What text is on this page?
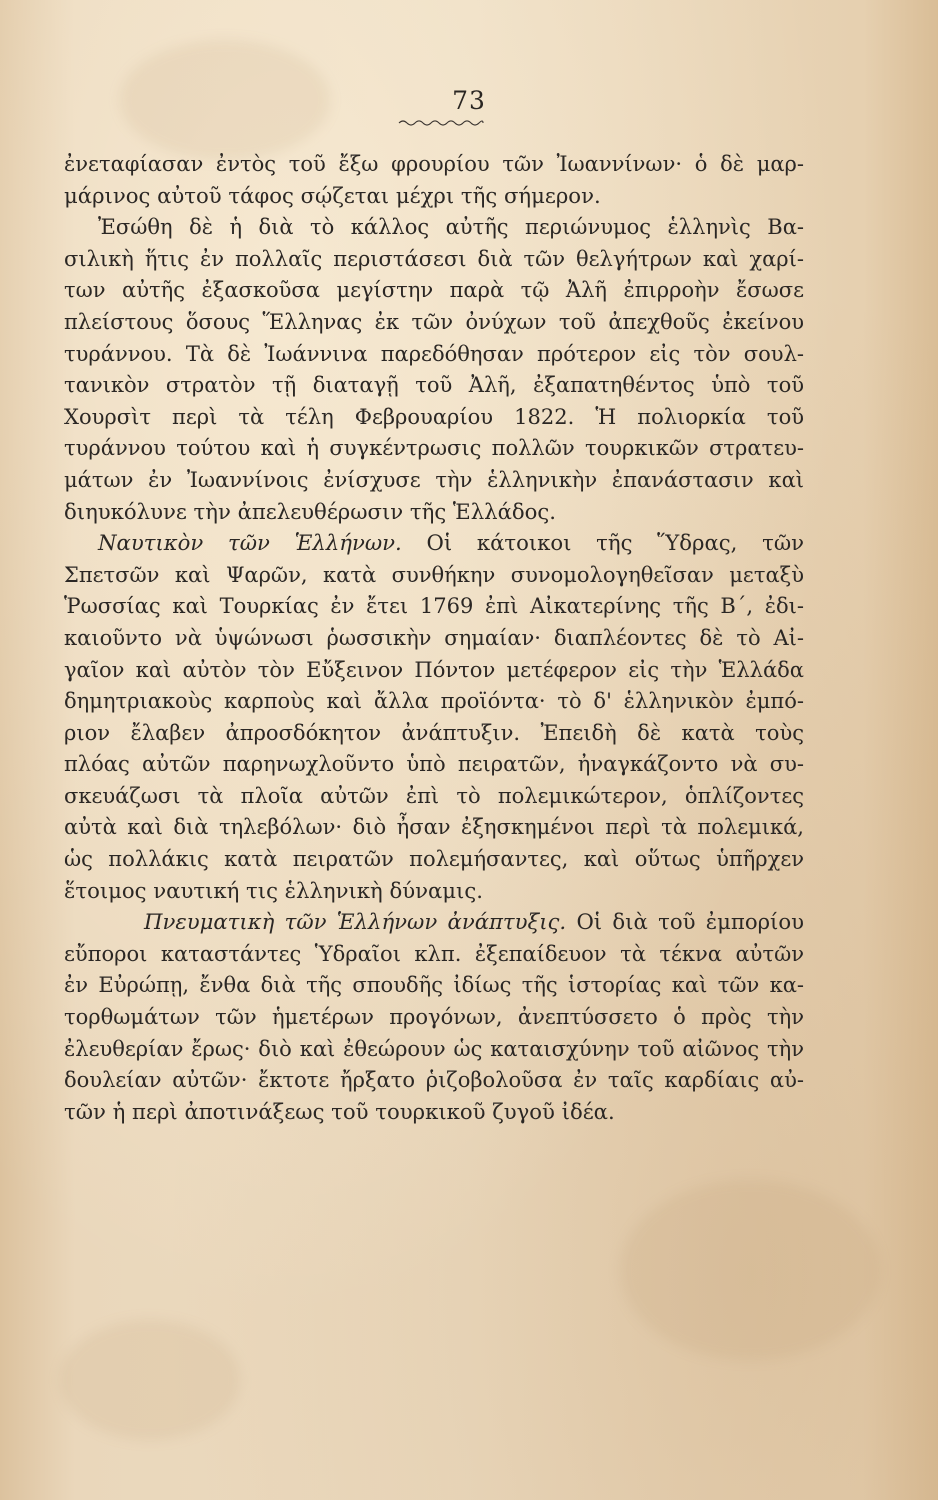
73
ἐνεταφίασαν ἐντὸς τοῦ ἔξω φρουρίου τῶν Ἰωαννίνων· ὁ δὲ μαρ-
μάρινος αὐτοῦ τάφος σῴζεται μέχρι τῆς σήμερον.
Ἐσώθη δὲ ἡ διὰ τὸ κάλλος αὐτῆς περιώνυμος ἑλληνὶς Βα-
σιλικὴ ἥτις ἐν πολλαῖς περιστάσεσι διὰ τῶν θελγήτρων καὶ χαρί-
των αὐτῆς ἐξασκοῦσα μεγίστην παρὰ τῷ Ἀλῆ ἐπιρροὴν ἔσωσε
πλείστους ὅσους Ἕλληνας ἐκ τῶν ὀνύχων τοῦ ἀπεχθοῦς ἐκείνου
τυράννου. Τὰ δὲ Ἰωάννινα παρεδόθησαν πρότερον εἰς τὸν σουλ-
τανικὸν στρατὸν τῇ διαταγῇ τοῦ Ἀλῆ, ἐξαπατηθέντος ὑπὸ τοῦ
Χουρσὶτ περὶ τὰ τέλη Φεβρουαρίου 1822. Ἡ πολιορκία τοῦ
τυράννου τούτου καὶ ἡ συγκέντρωσις πολλῶν τουρκικῶν στρατευ-
μάτων ἐν Ἰωαννίνοις ἐνίσχυσε τὴν ἑλληνικὴν ἐπανάστασιν καὶ
διηυκόλυνε τὴν ἀπελευθέρωσιν τῆς Ἑλλάδος.
Ναυτικὸν τῶν Ἑλλήνων. Οἱ κάτοικοι τῆς Ὕδρας, τῶν
Σπετσῶν καὶ Ψαρῶν, κατὰ συνθήκην συνομολογηθεῖσαν μεταξὺ
Ῥωσσίας καὶ Τουρκίας ἐν ἔτει 1769 ἐπὶ Αἰκατερίνης τῆς Β΄, ἐδι-
καιοῦντο νὰ ὑψώνωσι ῥωσσικὴν σημαίαν· διαπλέοντες δὲ τὸ Αἰ-
γαῖον καὶ αὐτὸν τὸν Εὔξεινον Πόντον μετέφερον εἰς τὴν Ἑλλάδα
δημητριακοὺς καρποὺς καὶ ἄλλα προϊόντα· τὸ δ' ἑλληνικὸν ἐμπό-
ριον ἔλαβεν ἀπροσδόκητον ἀνάπτυξιν. Ἐπειδὴ δὲ κατὰ τοὺς
πλόας αὐτῶν παρηνωχλοῦντο ὑπὸ πειρατῶν, ἠναγκάζοντο νὰ συ-
σκευάζωσι τὰ πλοῖα αὐτῶν ἐπὶ τὸ πολεμικώτερον, ὁπλίζοντες
αὐτὰ καὶ διὰ τηλεβόλων· διὸ ἦσαν ἐξησκημένοι περὶ τὰ πολεμικά,
ὡς πολλάκις κατὰ πειρατῶν πολεμήσαντες, καὶ οὕτως ὑπῆρχεν
ἕτοιμος ναυτική τις ἑλληνικὴ δύναμις.
Πνευματικὴ τῶν Ἑλλήνων ἀνάπτυξις. Οἱ διὰ τοῦ ἐμπορίου
εὔποροι καταστάντες Ὑδραῖοι κλπ. ἐξεπαίδευον τὰ τέκνα αὐτῶν
ἐν Εὐρώπῃ, ἔνθα διὰ τῆς σπουδῆς ἰδίως τῆς ἱστορίας καὶ τῶν κα-
τορθωμάτων τῶν ἡμετέρων προγόνων, ἀνεπτύσσετο ὁ πρὸς τὴν
ἐλευθερίαν ἔρως· διὸ καὶ ἐθεώρουν ὡς καταισχύνην τοῦ αἰῶνος τὴν
δουλείαν αὐτῶν· ἔκτοτε ἤρξατο ῥιζοβολοῦσα ἐν ταῖς καρδίαις αὐ-
τῶν ἡ περὶ ἀποτινάξεως τοῦ τουρκικοῦ ζυγοῦ ἰδέα.
